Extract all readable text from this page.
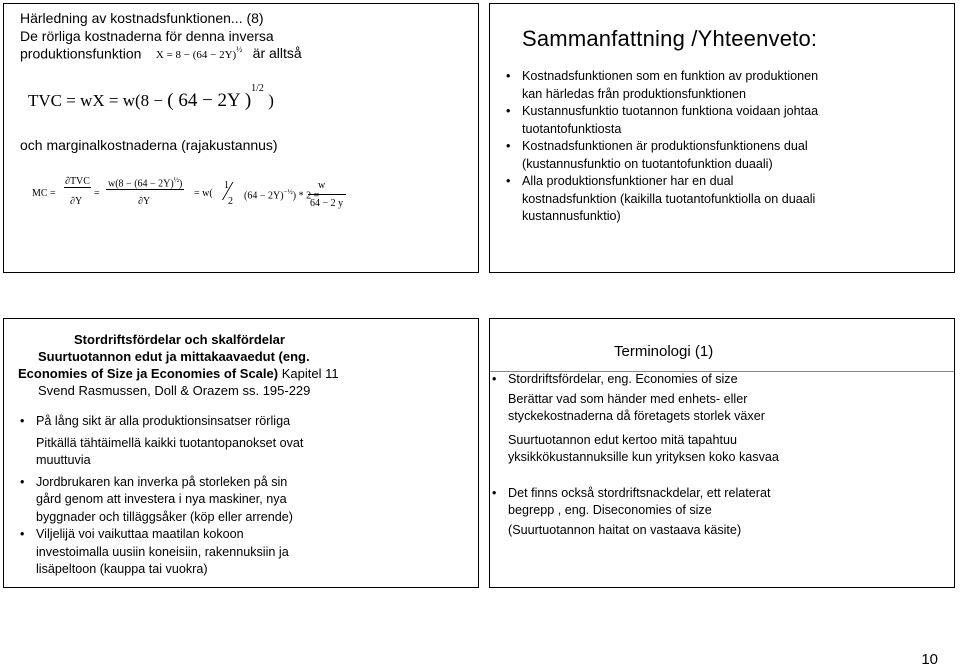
Härledning av kostnadsfunktionen... (8)
De rörliga kostnaderna för denna inversa
produktionsfunktion $X = 8 - (64 - 2Y)^{\frac{1}{2}}$ är alltså
TVC = wX = w(8 − ( 64 − 2Y )$^{1/2}$ )
och marginalkostnaderna (rajakustannus)
MC =
∂TVC
∂Y
=
$w(8 - (64 - 2Y)^{\frac{1}{2}})$
∂Y
= w(
1
2
$(64 - 2Y)^{-\frac{1}{2}}) * 2$ =
w
64 − 2 y
Sammanfattning /Yhteenveto:
• Kostnadsfunktionen som en funktion av produktionen
kan härledas från produktionsfunktionen
• Kustannusfunktio tuotannon funktiona voidaan johtaa
tuotantofunktiosta
• Kostnadsfunktionen är produktionsfunktionens dual
(kustannusfunktio on tuotantofunktion duaali)
• Alla produktionsfunktioner har en dual
kostnadsfunktion (kaikilla tuotantofunktiolla on duaali
kustannusfunktio)
Stordriftsfördelar och skalfördelar
Suurtuotannon edut ja mittakaavaedut (eng.
Economies of Size ja Economies of Scale) Kapitel 11
Svend Rasmussen, Doll & Orazem ss. 195-229
• På lång sikt är alla produktionsinsatser rörliga
Pitkällä tähtäimellä kaikki tuotantopanokset ovat
muuttuvia
• Jordbrukaren kan inverka på storleken på sin
gård genom att investera i nya maskiner, nya
byggnader och tilläggsåker (köp eller arrende)
• Viljelijä voi vaikuttaa maatilan kokoon
investoimalla uusiin koneisiin, rakennuksiin ja
lisäpeltoon (kauppa tai vuokra)
Terminologi (1)
• Stordriftsfördelar, eng. Economies of size
Berättar vad som händer med enhets- eller
styckekostnaderna då företagets storlek växer
Suurtuotannon edut kertoo mitä tapahtuu
yksikkökustannuksille kun yrityksen koko kasvaa
• Det finns också stordriftsnackdelar, ett relaterat
begrepp , eng. Diseconomies of size
(Suurtuotannon haitat on vastaava käsite)
10
